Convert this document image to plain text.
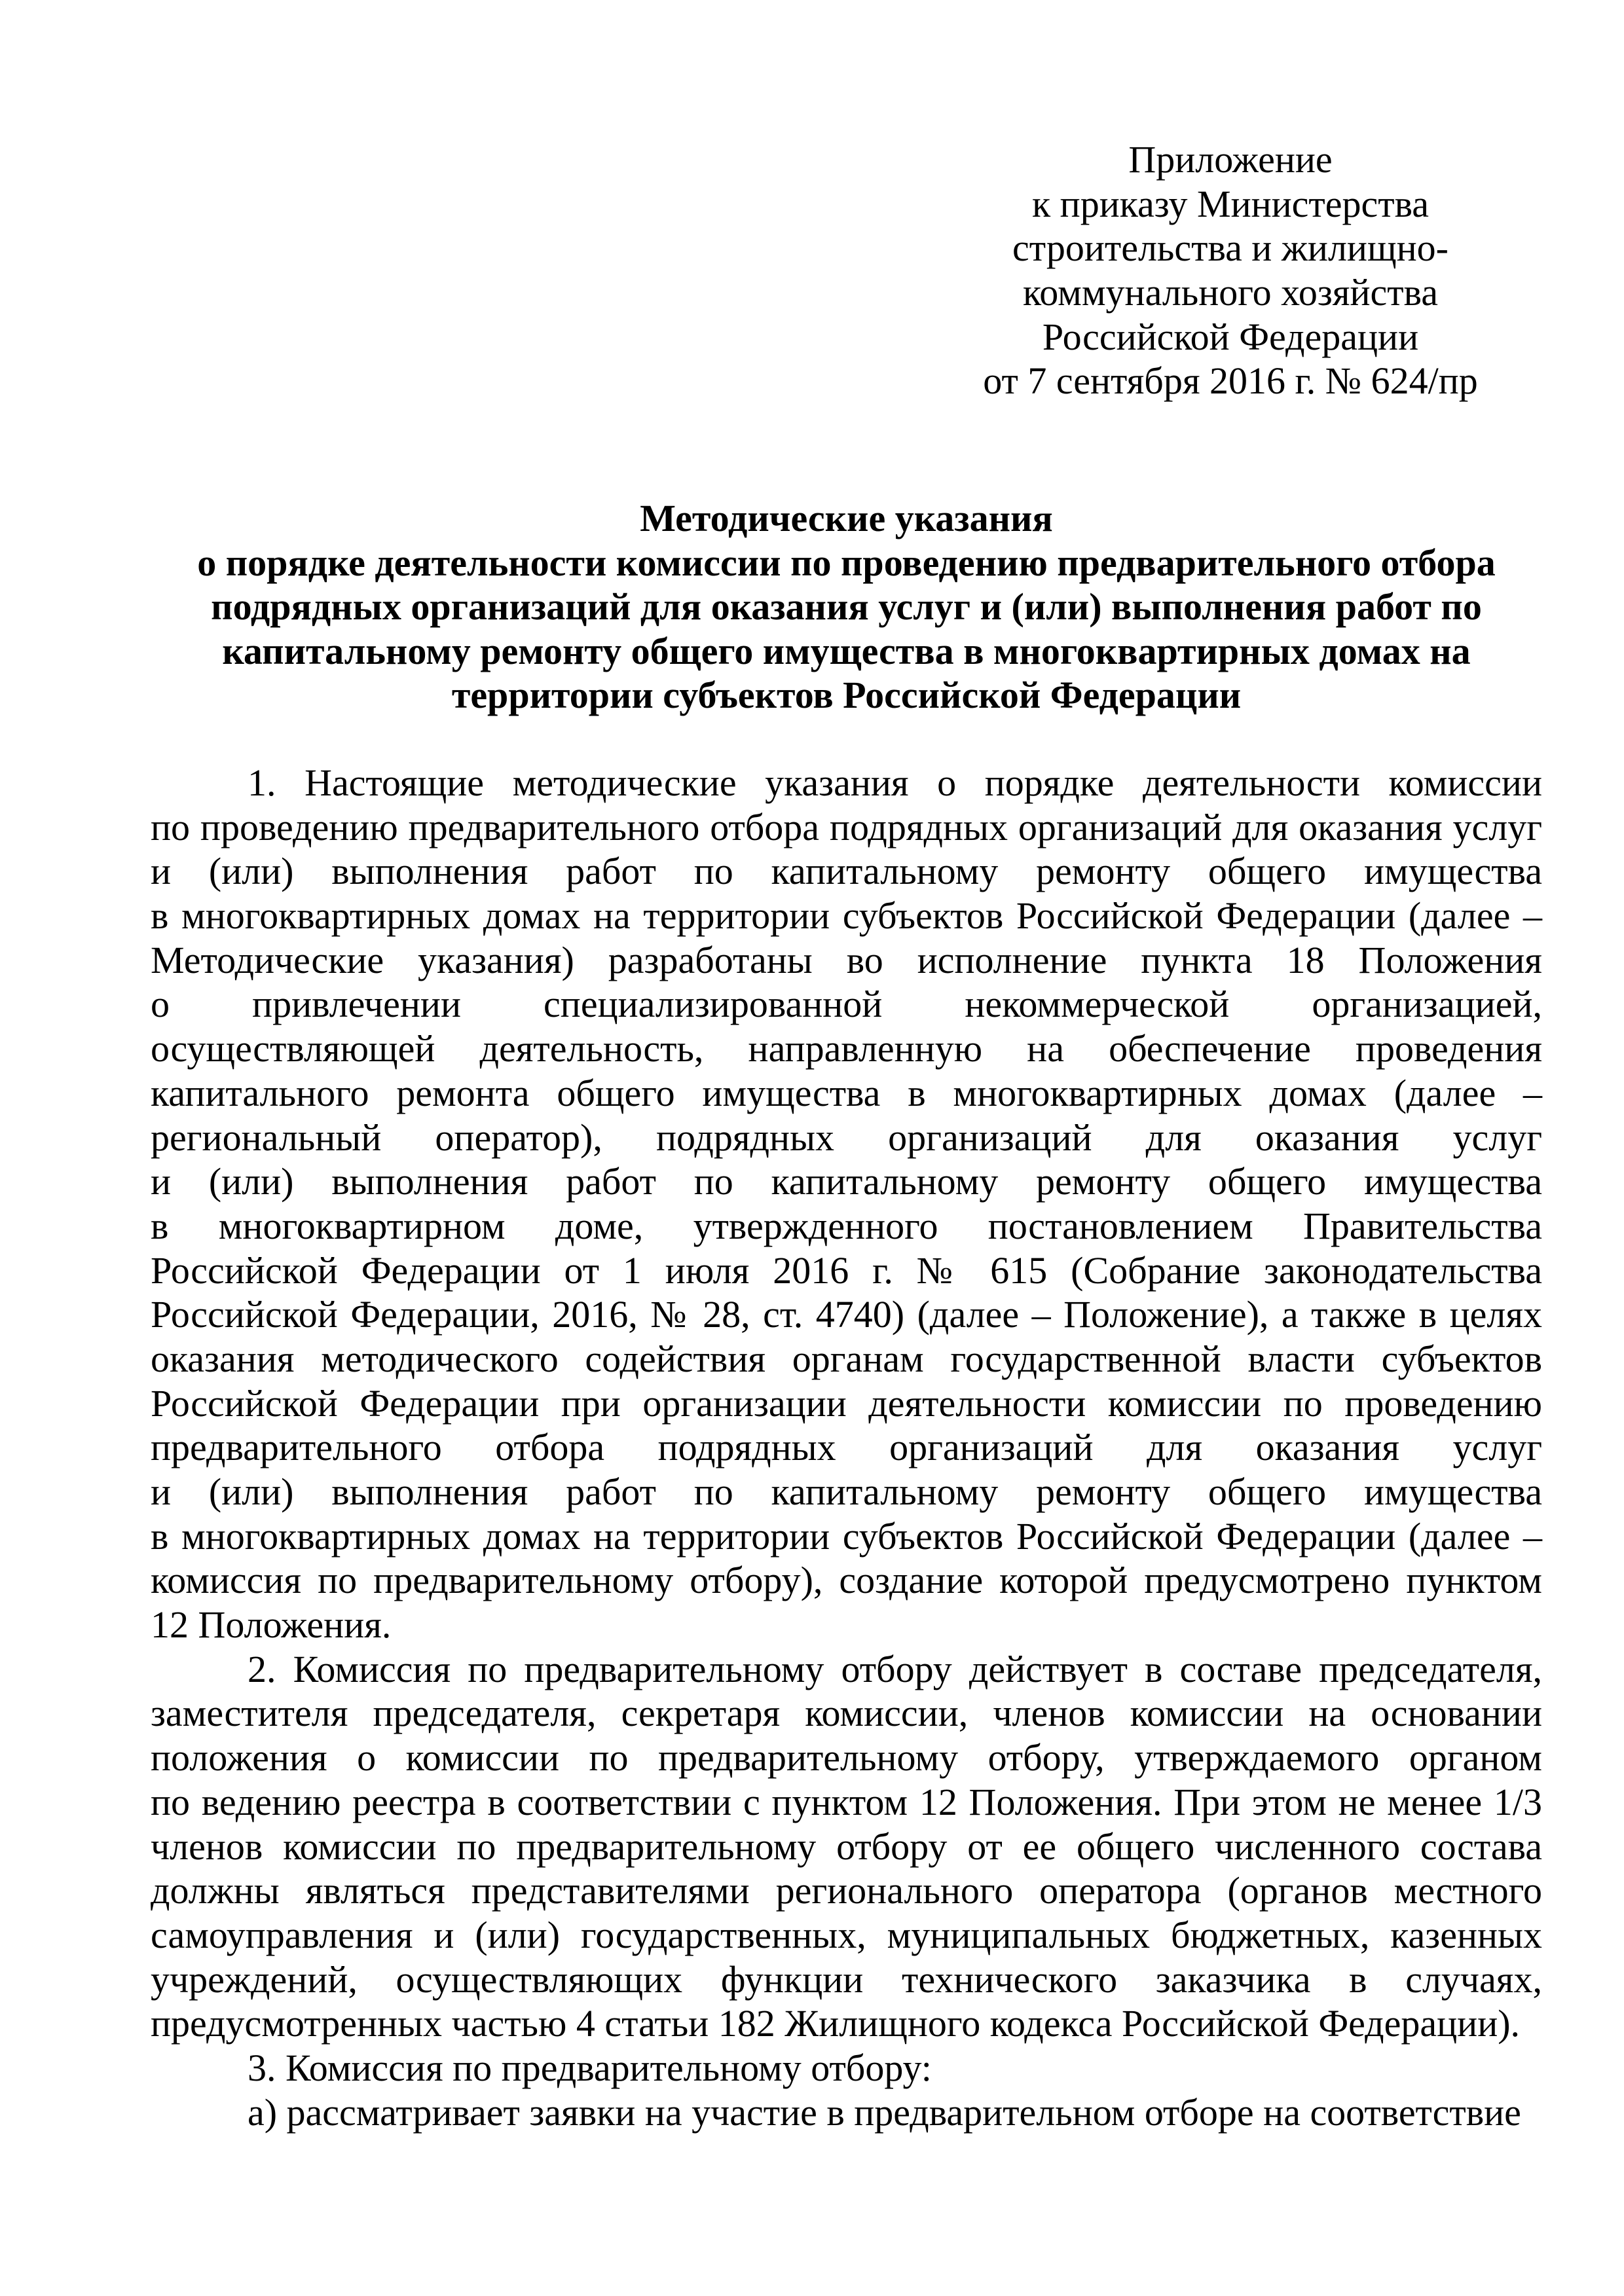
Приложение
к приказу Министерства
строительства и жилищно-
коммунального хозяйства
Российской Федерации
от 7 сентября 2016 г. № 624/пр
Методические указания
о порядке деятельности комиссии по проведению предварительного отбора
подрядных организаций для оказания услуг и (или) выполнения работ по
капитальному ремонту общего имущества в многоквартирных домах на
территории субъектов Российской Федерации
1. Настоящие методические указания о порядке деятельности комиссии
по проведению предварительного отбора подрядных организаций для оказания услуг
и (или) выполнения работ по капитальному ремонту общего имущества
в многоквартирных домах на территории субъектов Российской Федерации (далее –
Методические указания) разработаны во исполнение пункта 18 Положения
о привлечении специализированной некоммерческой организацией,
осуществляющей деятельность, направленную на обеспечение проведения
капитального ремонта общего имущества в многоквартирных домах (далее –
региональный оператор), подрядных организаций для оказания услуг
и (или) выполнения работ по капитальному ремонту общего имущества
в многоквартирном доме, утвержденного постановлением Правительства
Российской Федерации от 1 июля 2016 г. № 615 (Собрание законодательства
Российской Федерации, 2016, № 28, ст. 4740) (далее – Положение), а также в целях
оказания методического содействия органам государственной власти субъектов
Российской Федерации при организации деятельности комиссии по проведению
предварительного отбора подрядных организаций для оказания услуг
и (или) выполнения работ по капитальному ремонту общего имущества
в многоквартирных домах на территории субъектов Российской Федерации (далее –
комиссия по предварительному отбору), создание которой предусмотрено пунктом
12 Положения.
2. Комиссия по предварительному отбору действует в составе председателя,
заместителя председателя, секретаря комиссии, членов комиссии на основании
положения о комиссии по предварительному отбору, утверждаемого органом
по ведению реестра в соответствии с пунктом 12 Положения. При этом не менее 1/3
членов комиссии по предварительному отбору от ее общего численного состава
должны являться представителями регионального оператора (органов местного
самоуправления и (или) государственных, муниципальных бюджетных, казенных
учреждений, осуществляющих функции технического заказчика в случаях,
предусмотренных частью 4 статьи 182 Жилищного кодекса Российской Федерации).
3. Комиссия по предварительному отбору:
а) рассматривает заявки на участие в предварительном отборе на соответствие
